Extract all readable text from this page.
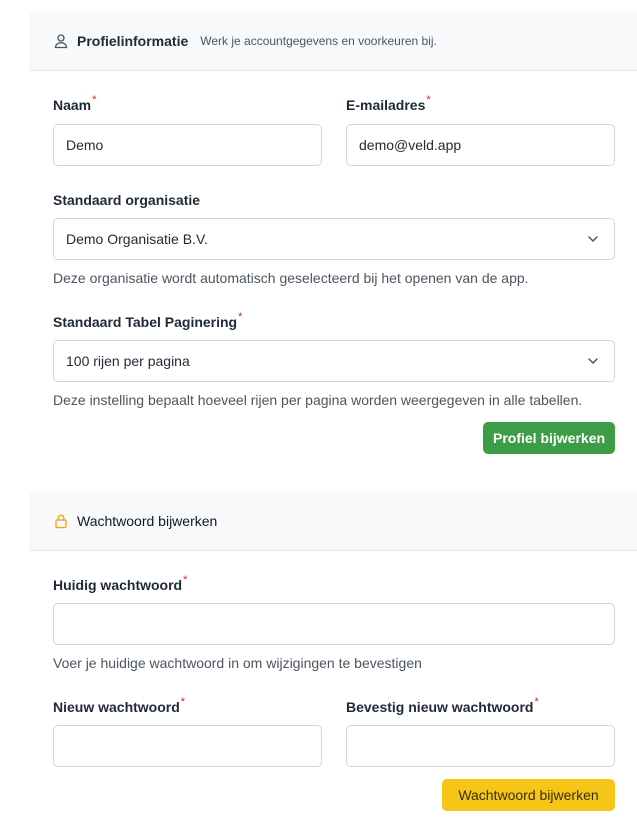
Profielinformatie Werk je accountgegevens en voorkeuren bij.
Naam*
Demo	E-mailadres*
demo@veld.app
Standaard organisatie
Demo Organisatie B.V.
Deze organisatie wordt automatisch geselecteerd bij het openen van de app.
Standaard Tabel Paginering*
100 rijen per pagina
Deze instelling bepaalt hoeveel rijen per pagina worden weergegeven in alle tabellen.
Profiel bijwerken
Wachtwoord bijwerken
Huidig wachtwoord*
Voer je huidige wachtwoord in om wijzigingen te bevestigen
Nieuw wachtwoord*	Bevestig nieuw wachtwoord*
Wachtwoord bijwerken
